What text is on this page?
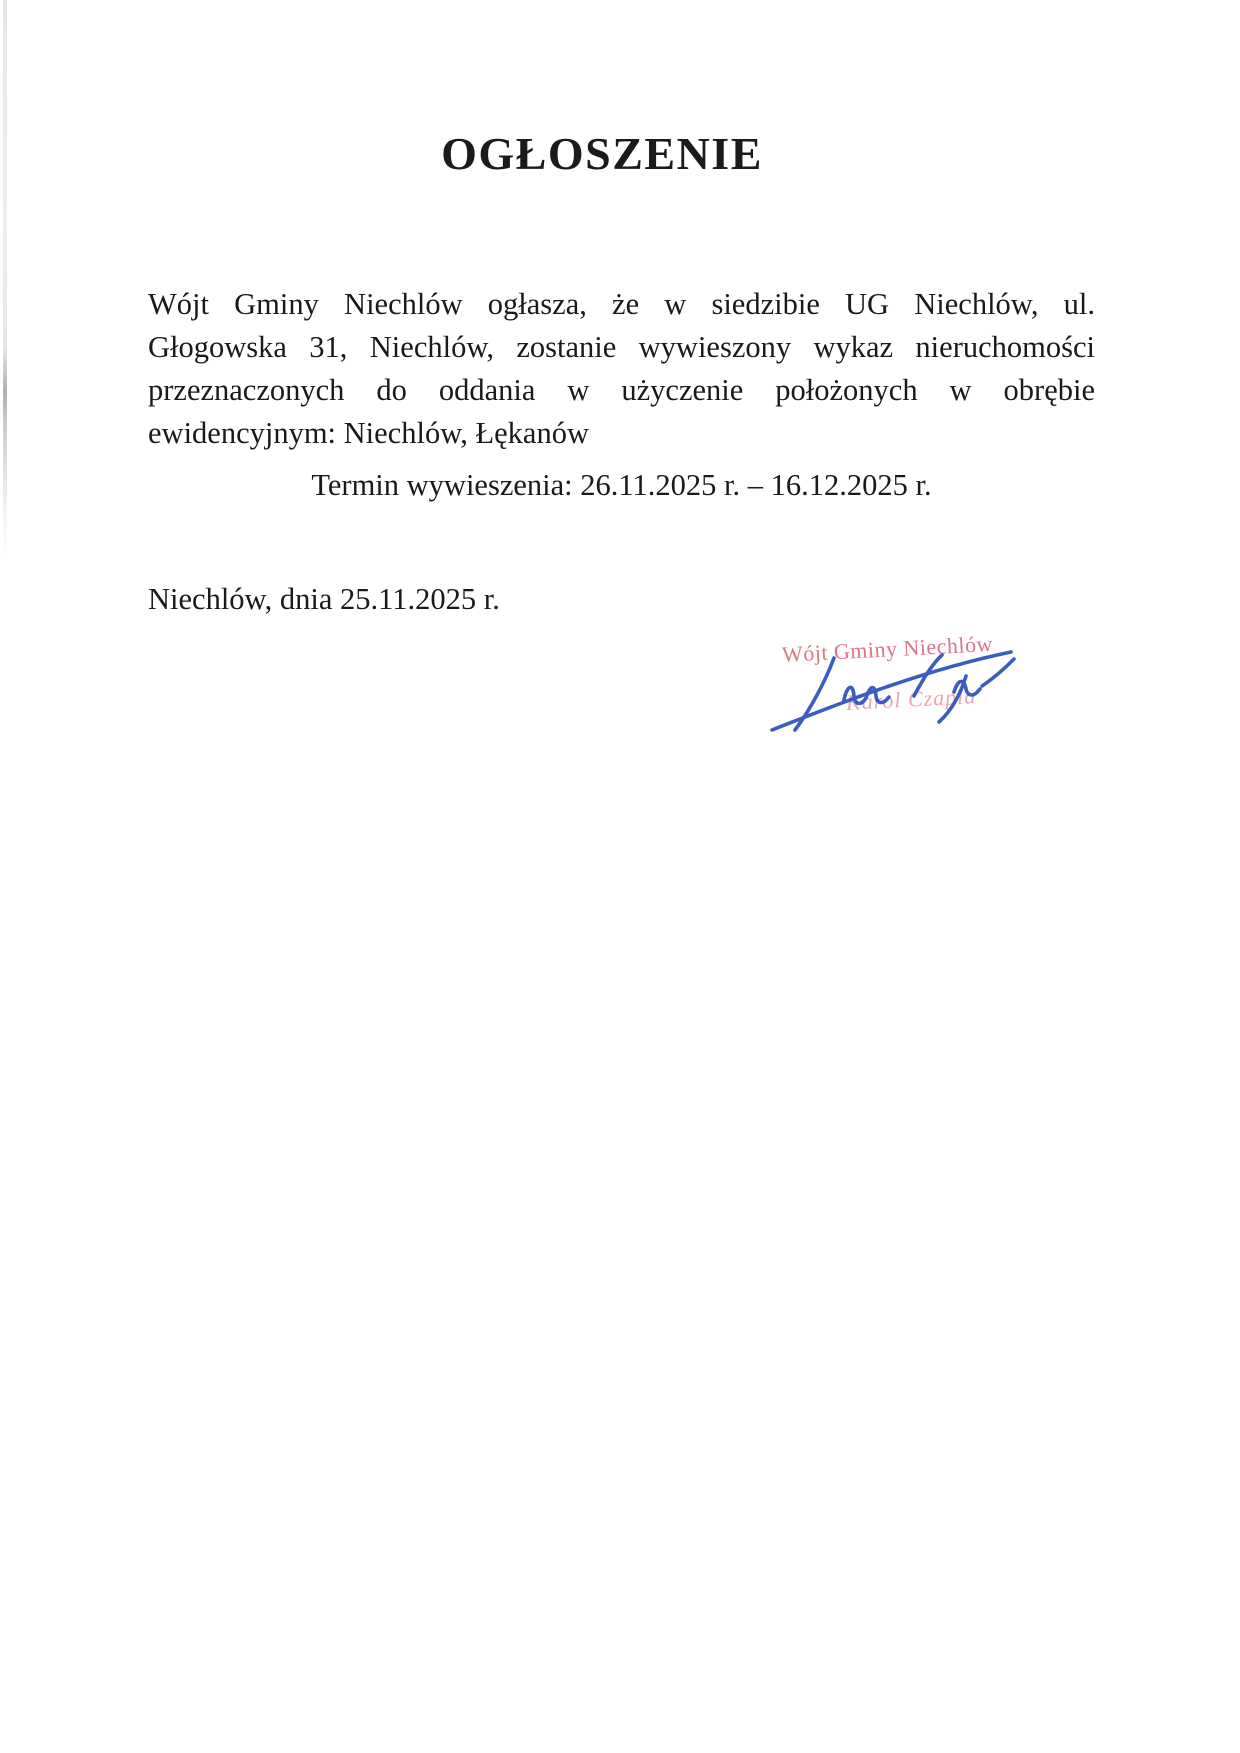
OGŁOSZENIE
Wójt Gminy Niechlów ogłasza, że w siedzibie UG Niechlów, ul.
Głogowska 31, Niechlów, zostanie wywieszony wykaz nieruchomości
przeznaczonych do oddania w użyczenie położonych w obrębie
ewidencyjnym: Niechlów, Łękanów
Termin wywieszenia: 26.11.2025 r. – 16.12.2025 r.
Niechlów, dnia 25.11.2025 r.
Wójt Gminy Niechlów
Karol Czapla
